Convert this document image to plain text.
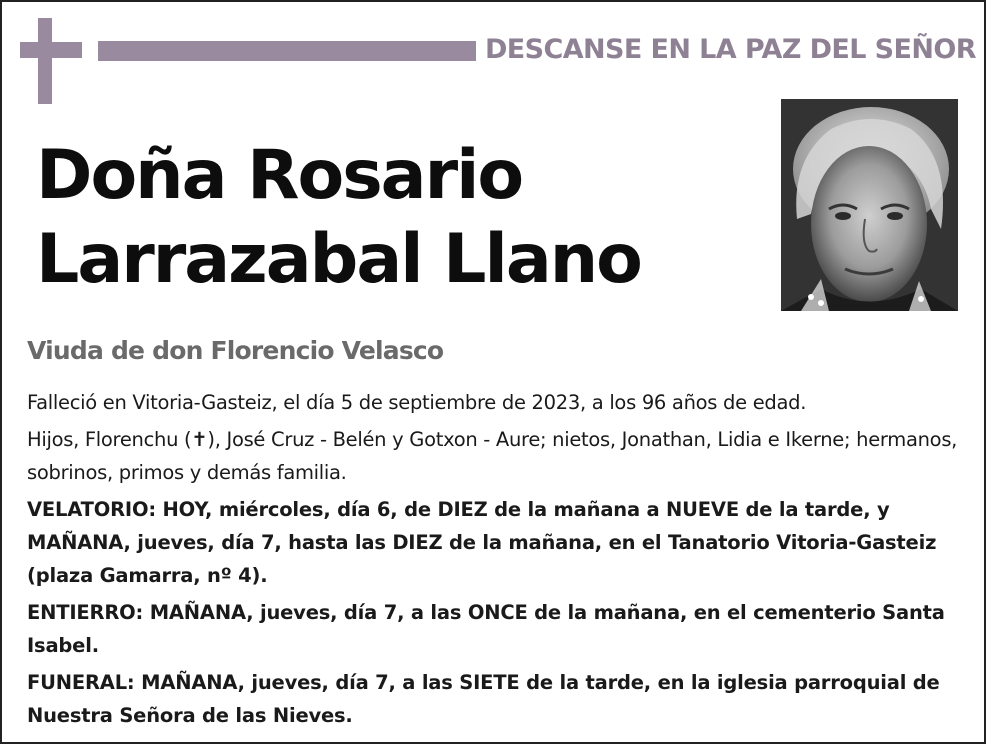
DESCANSE EN LA PAZ DEL SEÑOR
Doña Rosario
Larrazabal Llano
Viuda de don Florencio Velasco

Falleció en Vitoria-Gasteiz, el día 5 de septiembre de 2023, a los 96 años de edad.

Hijos, Florenchu (✝), José Cruz - Belén y Gotxon - Aure; nietos, Jonathan, Lidia e Ikerne; hermanos, sobrinos, primos y demás familia.

VELATORIO: HOY, miércoles, día 6, de DIEZ de la mañana a NUEVE de la tarde, y MAÑANA, jueves, día 7, hasta las DIEZ de la mañana, en el Tanatorio Vitoria-Gasteiz (plaza Gamarra, nº 4).

ENTIERRO: MAÑANA, jueves, día 7, a las ONCE de la mañana, en el cementerio Santa Isabel.

FUNERAL: MAÑANA, jueves, día 7, a las SIETE de la tarde, en la iglesia parroquial de Nuestra Señora de las Nieves.
